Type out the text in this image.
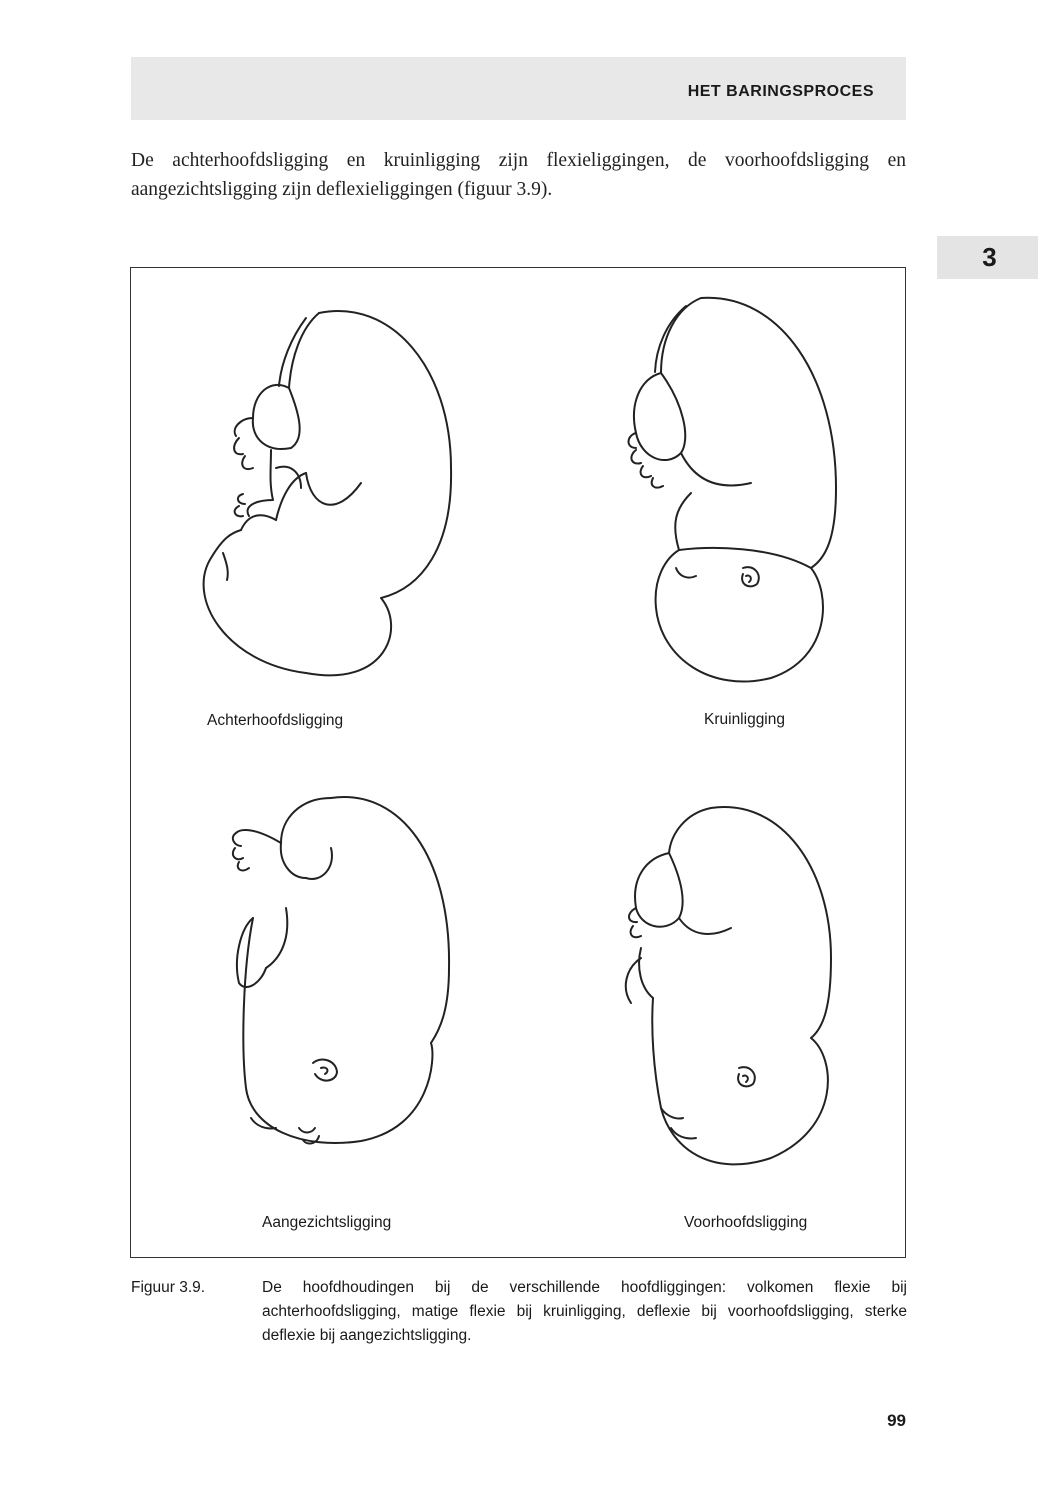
HET BARINGSPROCES
3

De achterhoofdsligging en kruinligging zijn flexieliggingen, de voorhoofdsligging en aangezichtsligging zijn deflexieliggingen (figuur 3.9).

Achterhoofdsligging	Kruinligging
Aangezichtsligging	Voorhoofdsligging
Figuur 3.9.	De hoofdhoudingen bij de verschillende hoofdliggingen: volkomen flexie bij achterhoofdsligging, matige flexie bij kruinligging, deflexie bij voorhoofdsligging, sterke deflexie bij aangezichtsligging.
99
